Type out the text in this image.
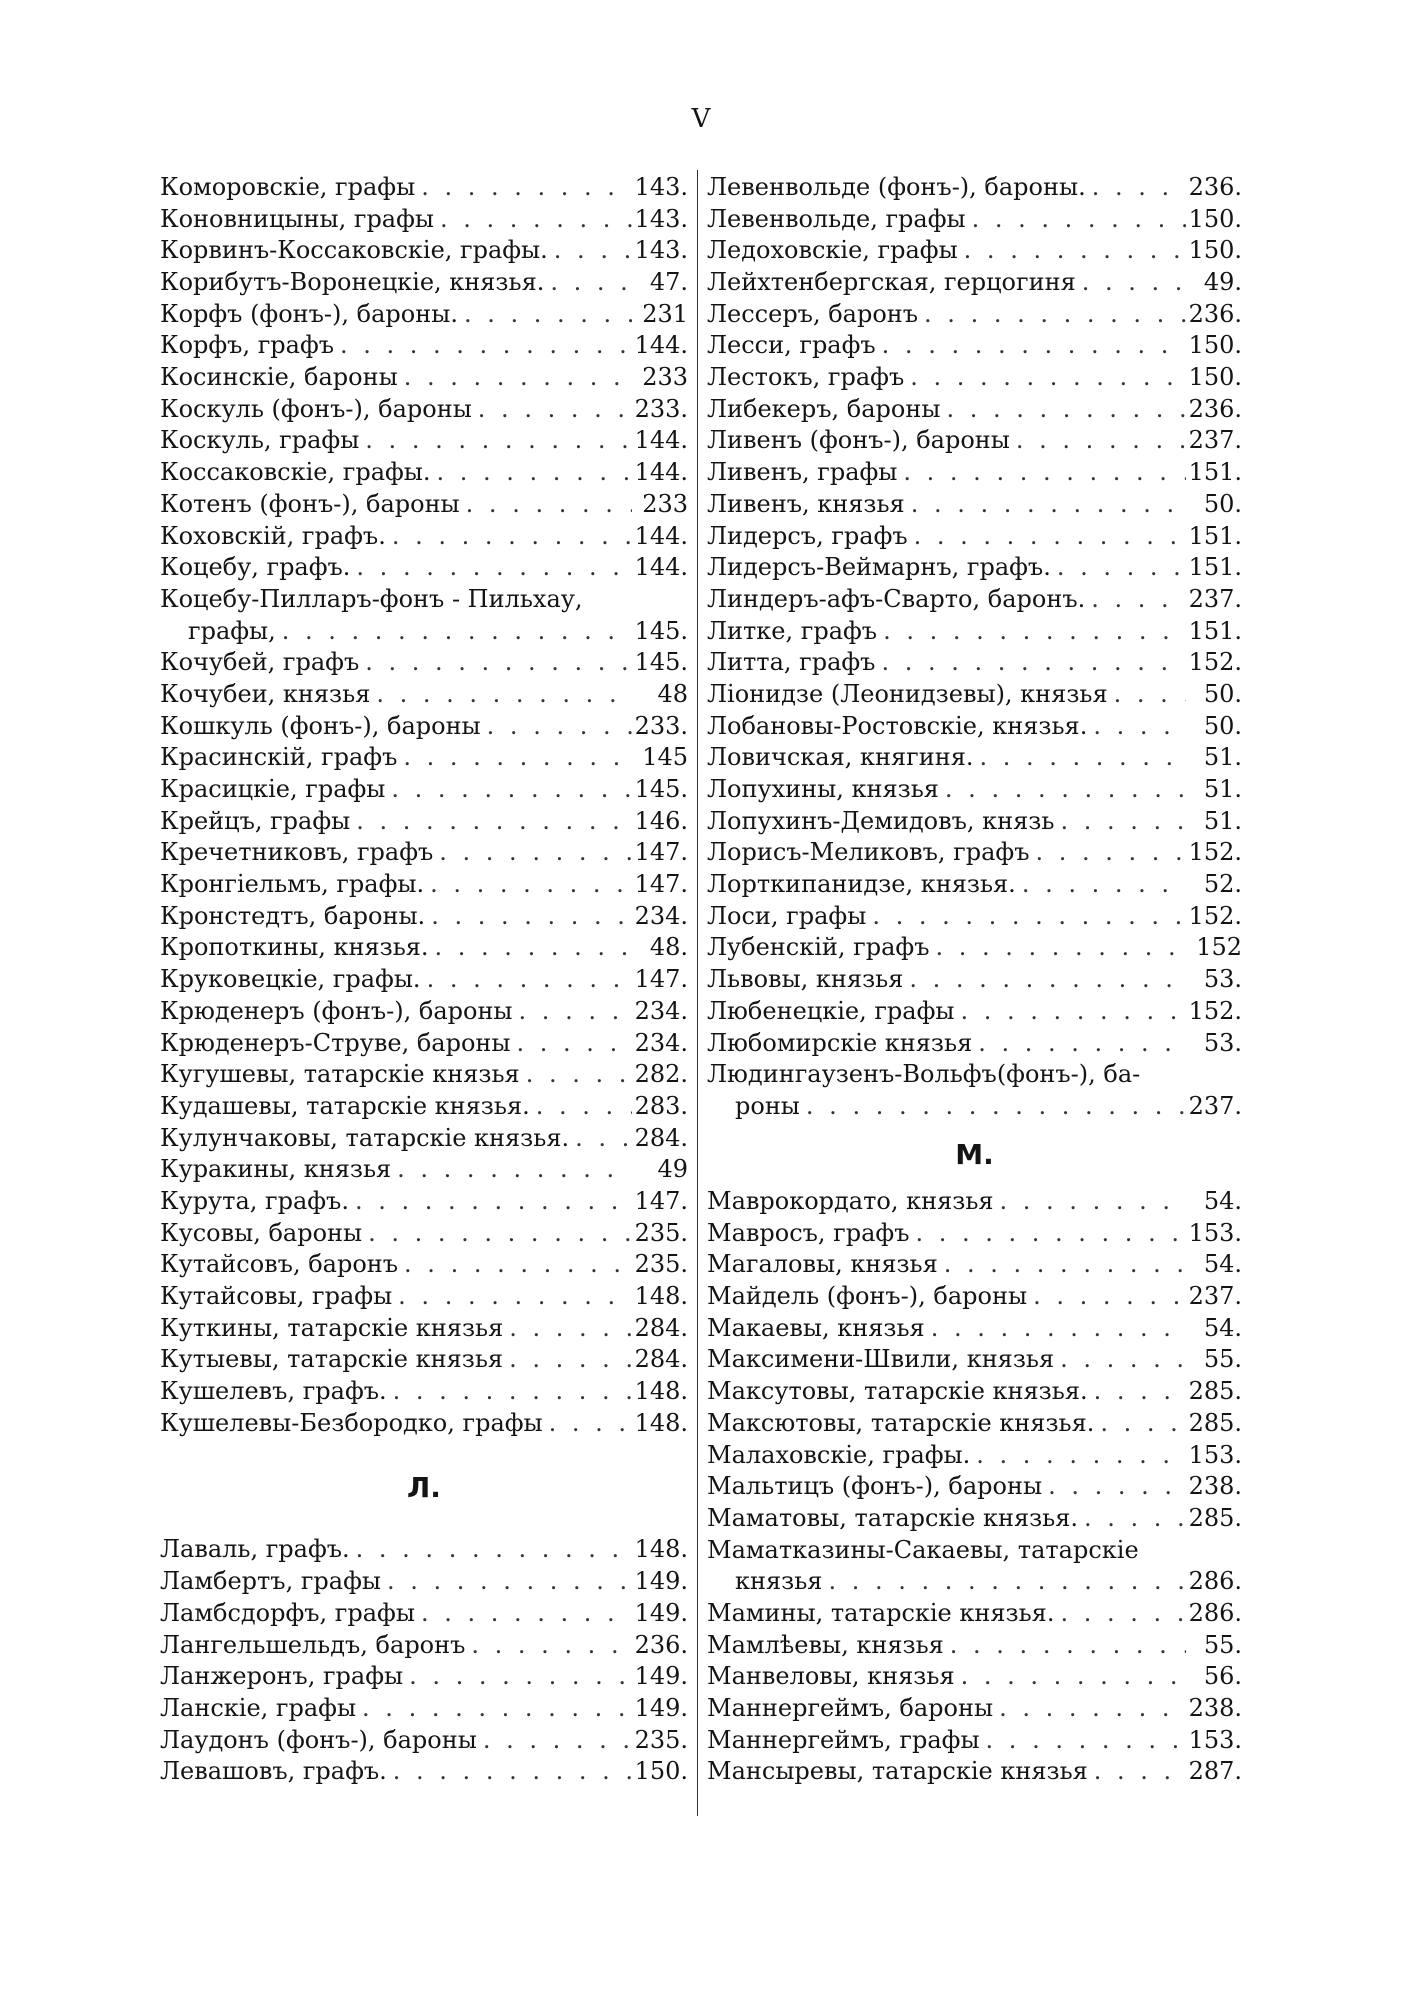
V
Коморовскіе, графы . . .	143.
Коновницыны, графы . . .	143.
Корвинъ-Коссаковскіе, графы. . . .	143.
Корибутъ-Воронецкіе, князья. . . .	47.
Корфъ (фонъ-), бароны. . . .	231
Корфъ, графъ . . .	144.
Косинскіе, бароны . . .	233
Коскуль (фонъ-), бароны . . .	233.
Коскуль, графы . . .	144.
Коссаковскіе, графы. . . .	144.
Котенъ (фонъ-), бароны . . .	233
Коховскій, графъ. . . .	144.
Коцебу, графъ. . . .	144.
Коцебу-Пилларъ-фонъ - Пильхау,
графы, . . .	145.
Кочубей, графъ . . .	145.
Кочубеи, князья . . .	48
Кошкуль (фонъ-), бароны . . .	233.
Красинскій, графъ . . .	145
Красицкіе, графы . . .	145.
Крейцъ, графы . . .	146.
Кречетниковъ, графъ . . .	147.
Кронгіельмъ, графы. . . .	147.
Кронстедтъ, бароны. . . .	234.
Кропоткины, князья. . . .	48.
Круковецкіе, графы. . . .	147.
Крюденеръ (фонъ-), бароны . . .	234.
Крюденеръ-Струве, бароны . . .	234.
Кугушевы, татарскіе князья . . .	282.
Кудашевы, татарскіе князья. . . .	283.
Кулунчаковы, татарскіе князья. . . .	284.
Куракины, князья . . .	49
Курута, графъ. . . .	147.
Кусовы, бароны . . .	235.
Кутайсовъ, баронъ . . .	235.
Кутайсовы, графы . . .	148.
Куткины, татарскіе князья . . .	284.
Кутыевы, татарскіе князья . . .	284.
Кушелевъ, графъ. . . .	148.
Кушелевы-Безбородко, графы . . .	148.
Л.
Лаваль, графъ. . . .	148.
Ламбертъ, графы . . .	149.
Ламбсдорфъ, графы . . .	149.
Лангельшельдъ, баронъ . . .	236.
Ланжеронъ, графы . . .	149.
Ланскіе, графы . . .	149.
Лаудонъ (фонъ-), бароны . . .	235.
Левашовъ, графъ. . . .	150.
Левенвольде (фонъ-), бароны. . . .	236.
Левенвольде, графы . . .	150.
Ледоховскіе, графы . . .	150.
Лейхтенбергская, герцогиня . . .	49.
Лессеръ, баронъ . . .	236.
Лесси, графъ . . .	150.
Лестокъ, графъ . . .	150.
Либекеръ, бароны . . .	236.
Ливенъ (фонъ-), бароны . . .	237.
Ливенъ, графы . . .	151.
Ливенъ, князья . . .	50.
Лидерсъ, графъ . . .	151.
Лидерсъ-Веймарнъ, графъ. . . .	151.
Линдеръ-афъ-Сварто, баронъ. . . .	237.
Литке, графъ . . .	151.
Литта, графъ . . .	152.
Ліонидзе (Леонидзевы), князья . . .	50.
Лобановы-Ростовскіе, князья. . . .	50.
Ловичская, княгиня. . . .	51.
Лопухины, князья . . .	51.
Лопухинъ-Демидовъ, князь . . .	51.
Лорисъ-Меликовъ, графъ . . .	152.
Лорткипанидзе, князья. . . .	52.
Лоси, графы . . .	152.
Лубенскій, графъ . . .	152
Львовы, князья . . .	53.
Любенецкіе, графы . . .	152.
Любомирскіе князья . . .	53.
Людингаузенъ-Вольфъ(фонъ-), ба-
роны . . .	237.
М.
Маврокордато, князья . . .	54.
Мавросъ, графъ . . .	153.
Магаловы, князья . . .	54.
Майдель (фонъ-), бароны . . .	237.
Макаевы, князья . . .	54.
Максимени-Швили, князья . . .	55.
Максутовы, татарскіе князья. . . .	285.
Максютовы, татарскіе князья. . . .	285.
Малаховскіе, графы. . . .	153.
Мальтицъ (фонъ-), бароны . . .	238.
Маматовы, татарскіе князья. . . .	285.
Маматказины-Сакаевы, татарскіе
князья . . .	286.
Мамины, татарскіе князья. . . .	286.
Мамлѣевы, князья . . .	55.
Манвеловы, князья . . .	56.
Маннергеймъ, бароны . . .	238.
Маннергеймъ, графы . . .	153.
Мансыревы, татарскіе князья . . .	287.
